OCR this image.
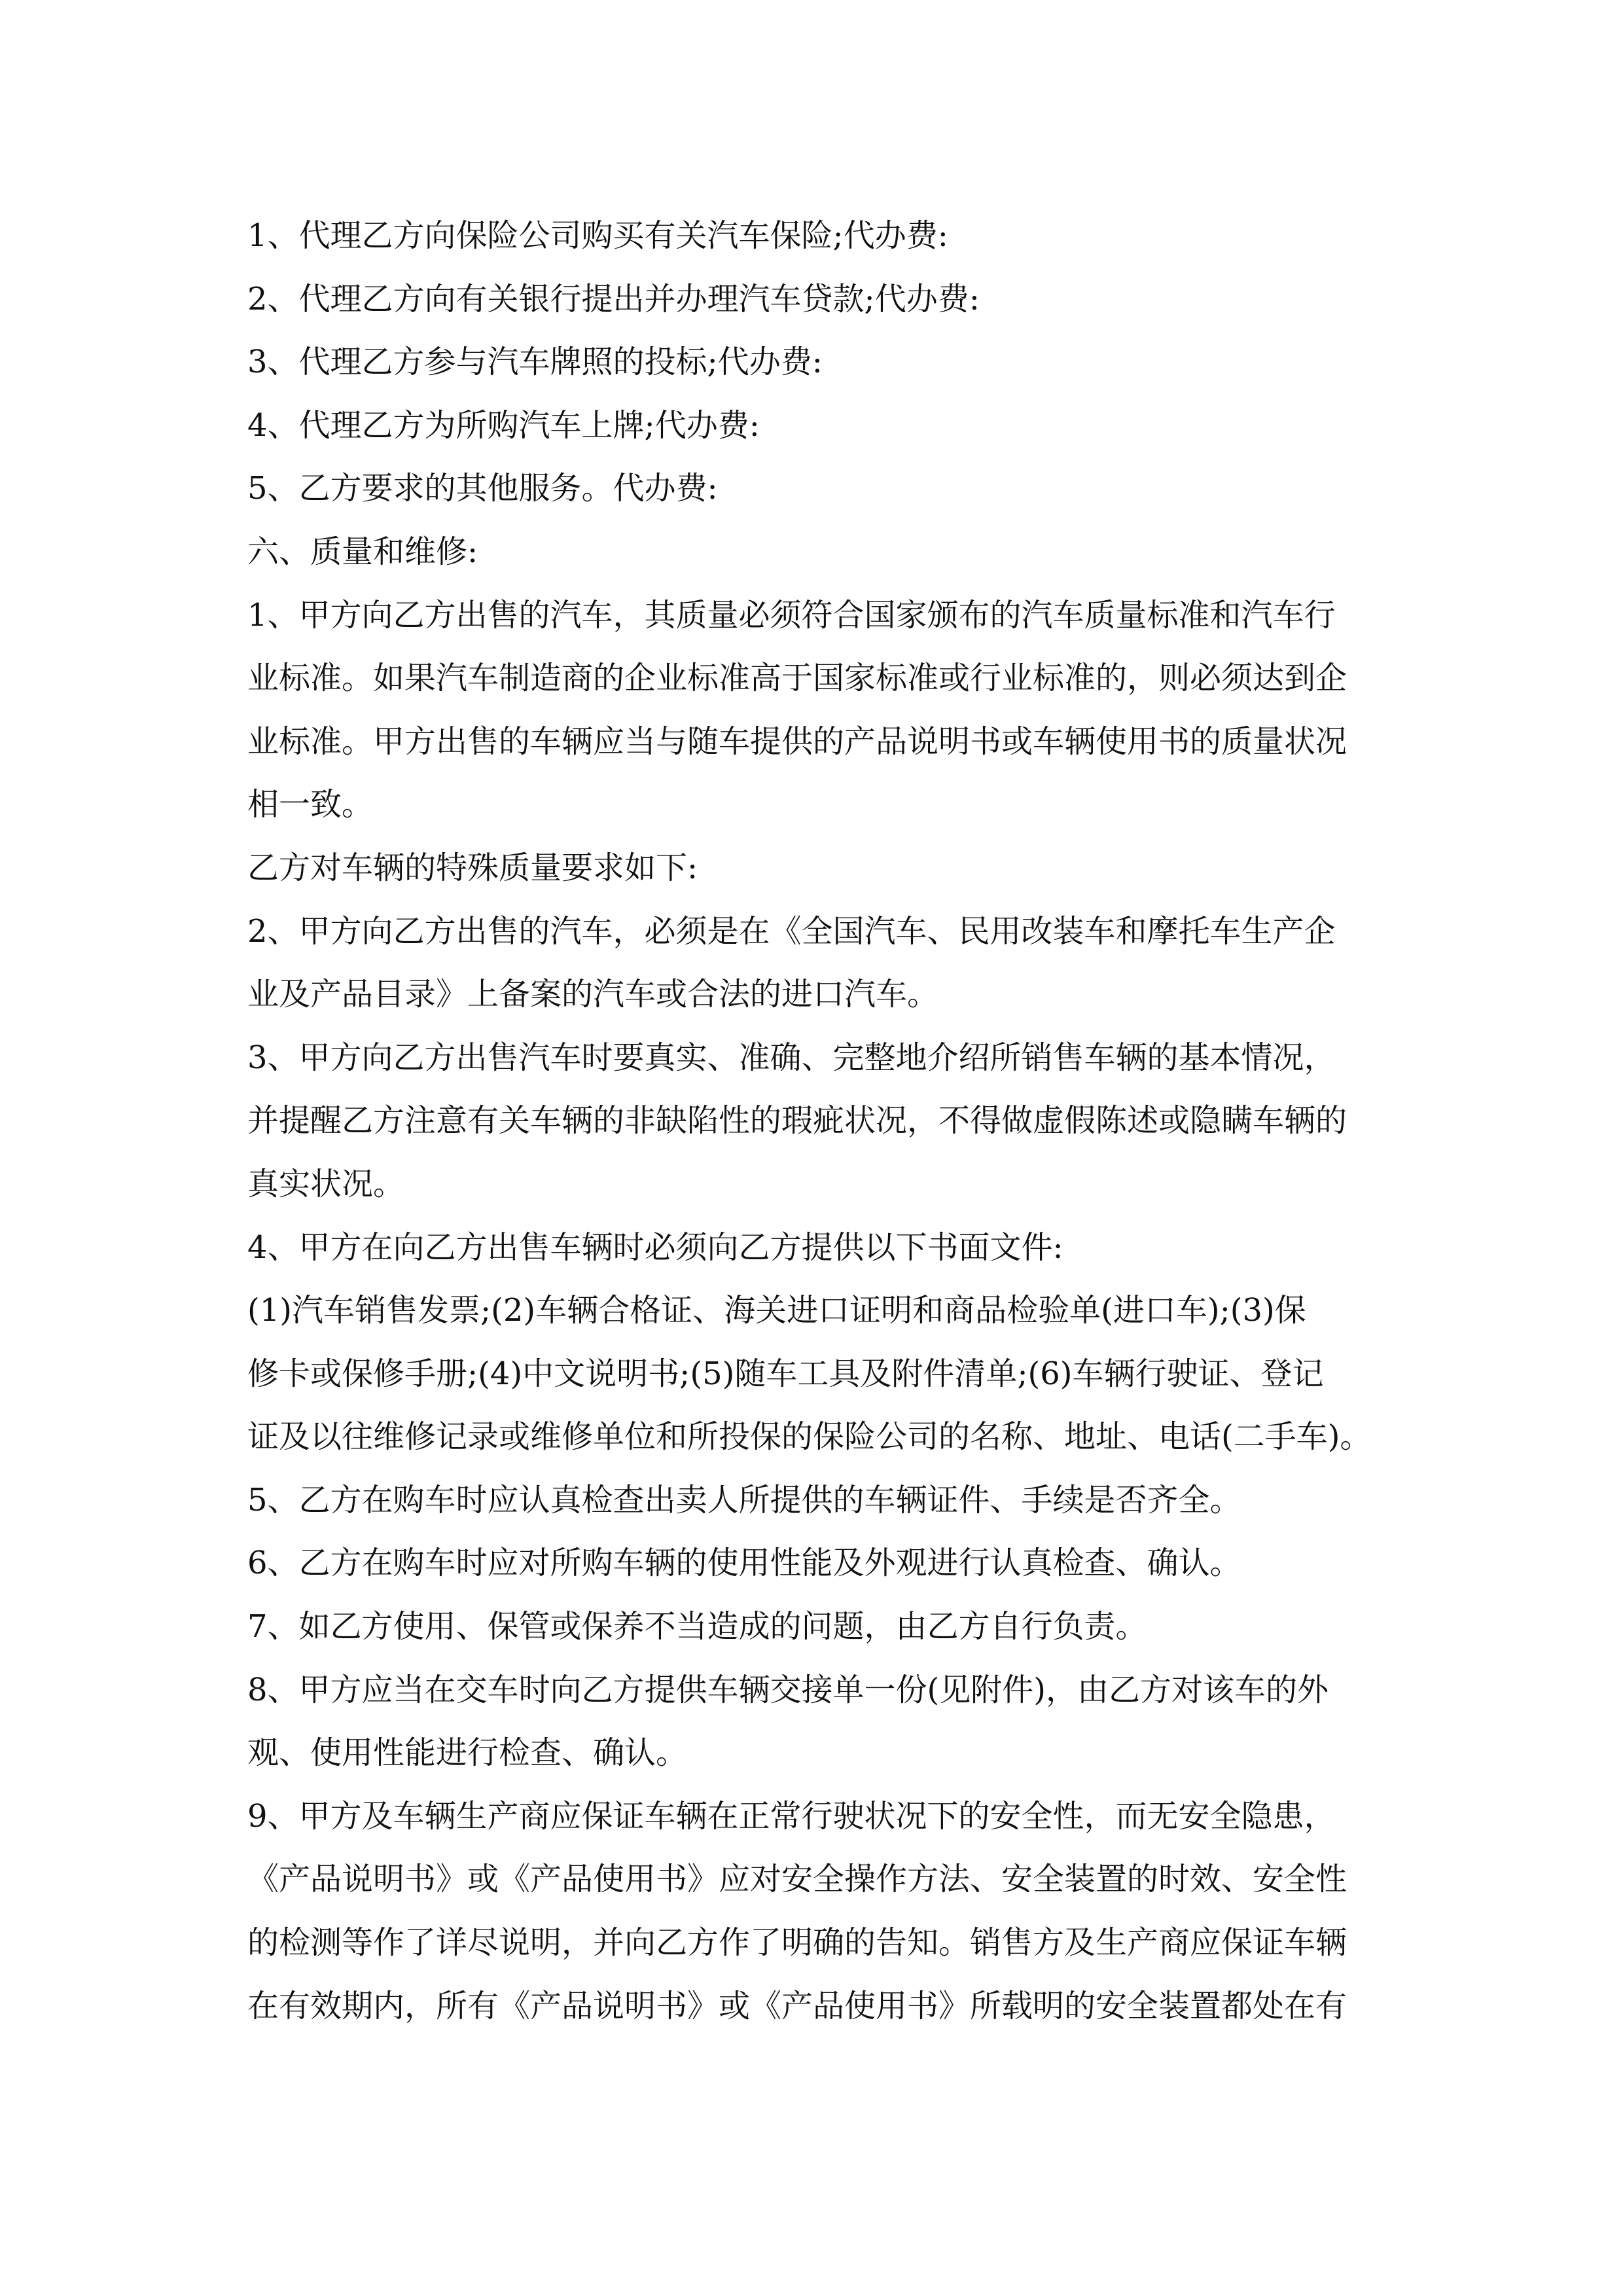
1、代理乙方向保险公司购买有关汽车保险;代办费:
2、代理乙方向有关银行提出并办理汽车贷款;代办费:
3、代理乙方参与汽车牌照的投标;代办费:
4、代理乙方为所购汽车上牌;代办费:
5、乙方要求的其他服务。代办费:
六、质量和维修:
1、甲方向乙方出售的汽车，其质量必须符合国家颁布的汽车质量标准和汽车行
业标准。如果汽车制造商的企业标准高于国家标准或行业标准的，则必须达到企
业标准。甲方出售的车辆应当与随车提供的产品说明书或车辆使用书的质量状况
相一致。
乙方对车辆的特殊质量要求如下:
2、甲方向乙方出售的汽车，必须是在《全国汽车、民用改装车和摩托车生产企
业及产品目录》上备案的汽车或合法的进口汽车。
3、甲方向乙方出售汽车时要真实、准确、完整地介绍所销售车辆的基本情况，
并提醒乙方注意有关车辆的非缺陷性的瑕疵状况，不得做虚假陈述或隐瞒车辆的
真实状况。
4、甲方在向乙方出售车辆时必须向乙方提供以下书面文件:
(1)汽车销售发票;(2)车辆合格证、海关进口证明和商品检验单(进口车);(3)保
修卡或保修手册;(4)中文说明书;(5)随车工具及附件清单;(6)车辆行驶证、登记
证及以往维修记录或维修单位和所投保的保险公司的名称、地址、电话(二手车)。
5、乙方在购车时应认真检查出卖人所提供的车辆证件、手续是否齐全。
6、乙方在购车时应对所购车辆的使用性能及外观进行认真检查、确认。
7、如乙方使用、保管或保养不当造成的问题，由乙方自行负责。
8、甲方应当在交车时向乙方提供车辆交接单一份(见附件)，由乙方对该车的外
观、使用性能进行检查、确认。
9、甲方及车辆生产商应保证车辆在正常行驶状况下的安全性，而无安全隐患，
《产品说明书》或《产品使用书》应对安全操作方法、安全装置的时效、安全性
的检测等作了详尽说明，并向乙方作了明确的告知。销售方及生产商应保证车辆
在有效期内，所有《产品说明书》或《产品使用书》所载明的安全装置都处在有
